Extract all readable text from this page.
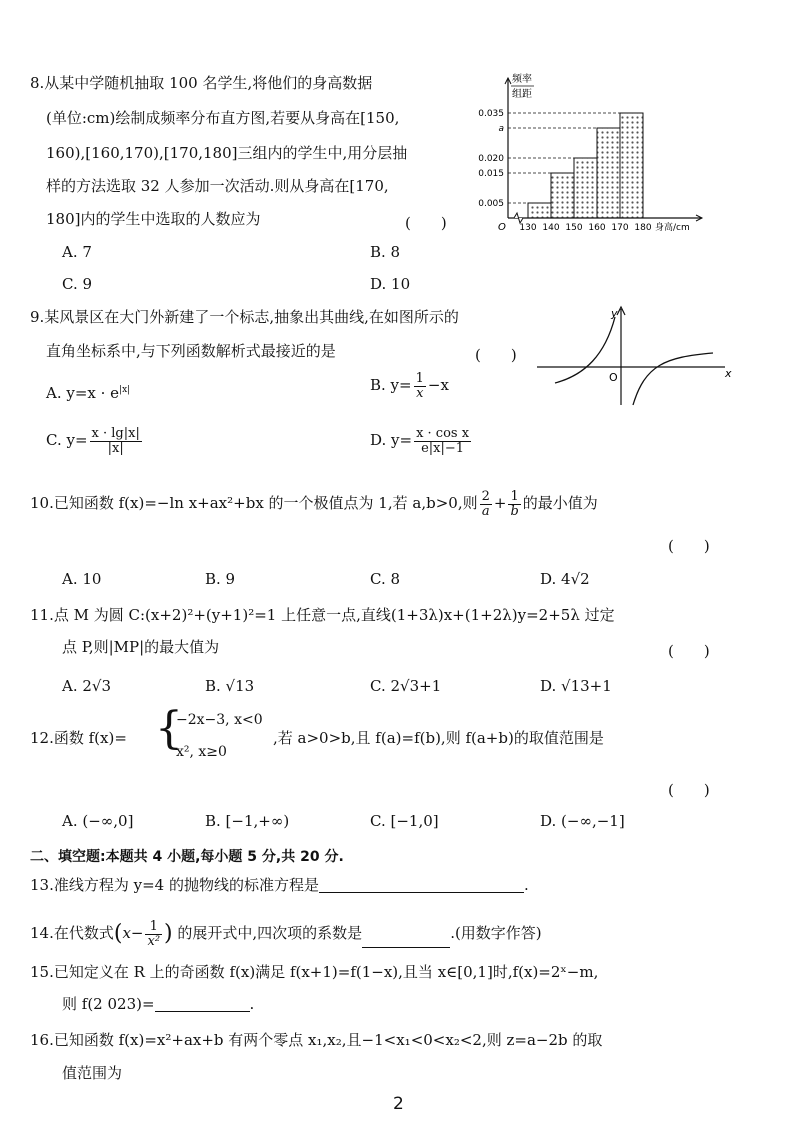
8.从某中学随机抽取 100 名学生,将他们的身高数据
(单位:cm)绘制成频率分布直方图,若要从身高在[150,
160),[160,170),[170,180]三组内的学生中,用分层抽
样的方法选取 32 人参加一次活动.则从身高在[170,
180]内的学生中选取的人数应为	(　　)
A. 7	B. 8
C. 9	D. 10
0.005
0.015
0.020
a
0.035
130 140 150 160 170 180 身高/cm
O
频率
组距
9.某风景区在大门外新建了一个标志,抽象出其曲线,在如图所示的
直角坐标系中,与下列函数解析式最接近的是	(　　)
y
x
O
A. $y=x \cdot e^{|x|}$	B. $y= \frac{1}{x} -x$
C. $y= \frac{x \cdot \lg|x|}{|x|}$	D. $y= \frac{\text{x · cos x}}{e|x|-1}$
10.已知函数 f(x)=−ln x+ax²+bx 的一个极值点为 1,若 a,b>0,则 $\frac{2}{a} + \frac{1}{b}$ 的最小值为
(　　)
A. 10	B. 9	C. 8	D. 4√2
11.点 M 为圆 C:(x+2)²+(y+1)²=1 上任意一点,直线(1+3λ)x+(1+2λ)y=2+5λ 过定
点 P,则|MP|的最大值为	(　　)
A. 2√3	B. √13	C. 2√3+1	D. √13+1
12.函数 f(x)= {
−2x−3, x<0
x², x≥0
,若 a>0>b,且 f(a)=f(b),则 f(a+b)的取值范围是
(　　)
A. (−∞,0]	B. [−1,+∞)	C. [−1,0]	D. (−∞,−1]
二、填空题:本题共 4 小题,每小题 5 分,共 20 分.
13.准线方程为 y=4 的抛物线的标准方程是	.
14.在代数式($x- \frac{1}{\text{x²}}$ ) 的展开式中,四次项的系数是	.(用数字作答)
15.已知定义在 R 上的奇函数 f(x)满足 f(x+1)=f(1−x),且当 x∈[0,1]时,f(x)=2ˣ−m,
则 f(2 023)=	.
16.已知函数 f(x)=x²+ax+b 有两个零点 x₁,x₂,且−1<x₁<0<x₂<2,则 z=a−2b 的取
值范围为
2
